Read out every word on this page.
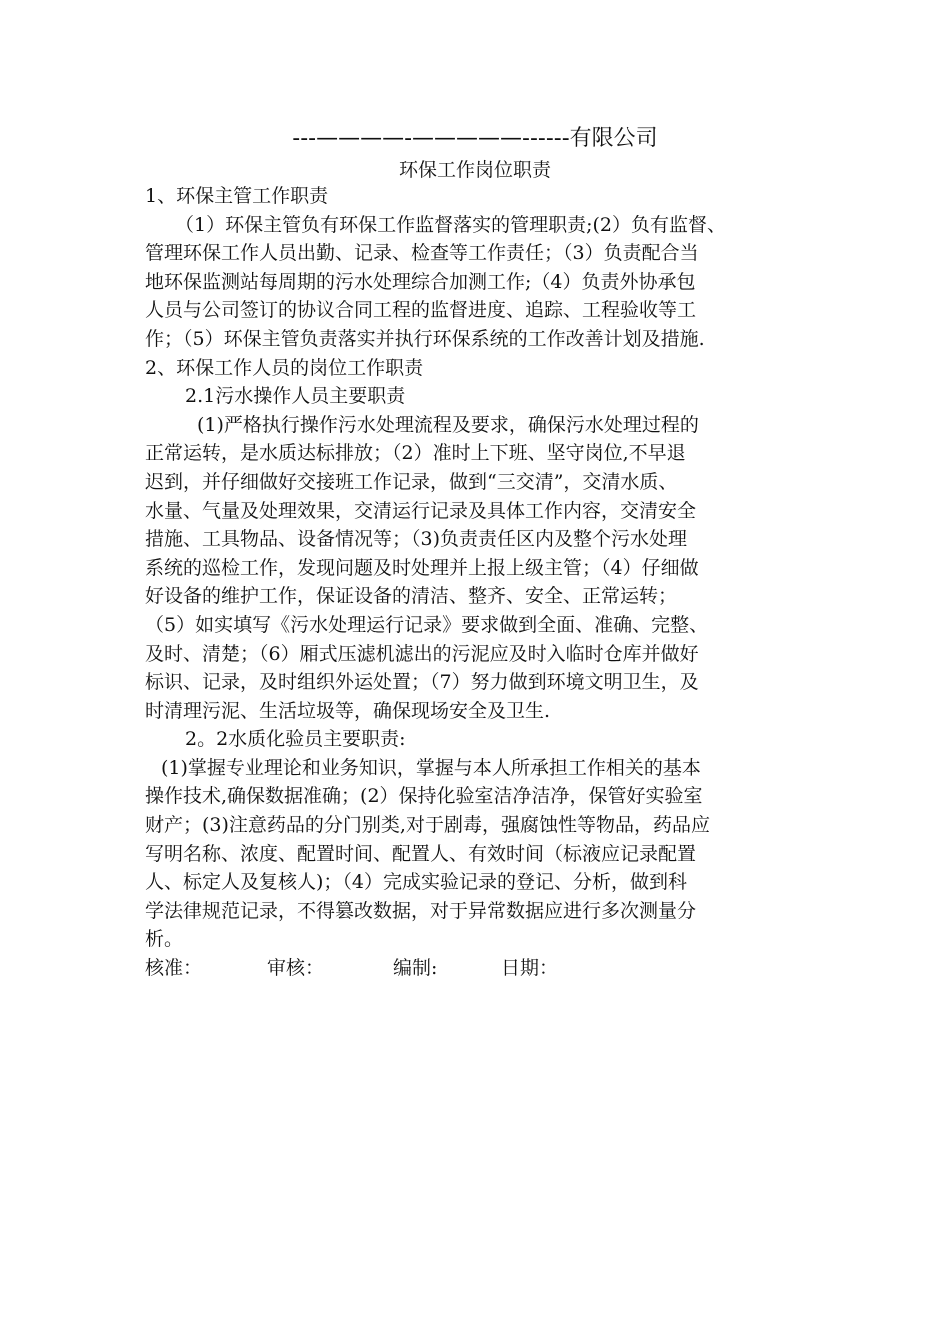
---————-—————------有限公司
环保工作岗位职责
1、环保主管工作职责
（1）环保主管负有环保工作监督落实的管理职责;(2）负有监督、
管理环保工作人员出勤、记录、检查等工作责任；（3）负责配合当
地环保监测站每周期的污水处理综合加测工作;（4）负责外协承包
人员与公司签订的协议合同工程的监督进度、追踪、工程验收等工
作；（5）环保主管负责落实并执行环保系统的工作改善计划及措施.
2、环保工作人员的岗位工作职责
2.1污水操作人员主要职责
(1)严格执行操作污水处理流程及要求，确保污水处理过程的
正常运转，是水质达标排放；（2）准时上下班、坚守岗位,不早退
迟到，并仔细做好交接班工作记录，做到“三交清”，交清水质、
水量、气量及处理效果，交清运行记录及具体工作内容，交清安全
措施、工具物品、设备情况等；（3)负责责任区内及整个污水处理
系统的巡检工作，发现问题及时处理并上报上级主管；（4）仔细做
好设备的维护工作，保证设备的清洁、整齐、安全、正常运转；
（5）如实填写《污水处理运行记录》要求做到全面、准确、完整、
及时、清楚；（6）厢式压滤机滤出的污泥应及时入临时仓库并做好
标识、记录，及时组织外运处置；（7）努力做到环境文明卫生，及
时清理污泥、生活垃圾等，确保现场安全及卫生.
2。2水质化验员主要职责:
(1)掌握专业理论和业务知识，掌握与本人所承担工作相关的基本
操作技术,确保数据准确；(2）保持化验室洁净洁净，保管好实验室
财产；(3)注意药品的分门别类,对于剧毒，强腐蚀性等物品，药品应
写明名称、浓度、配置时间、配置人、有效时间（标液应记录配置
人、标定人及复核人)；（4）完成实验记录的登记、分析，做到科
学法律规范记录，不得篡改数据，对于异常数据应进行多次测量分
析。
核准：	审核：	编制:	日期：
